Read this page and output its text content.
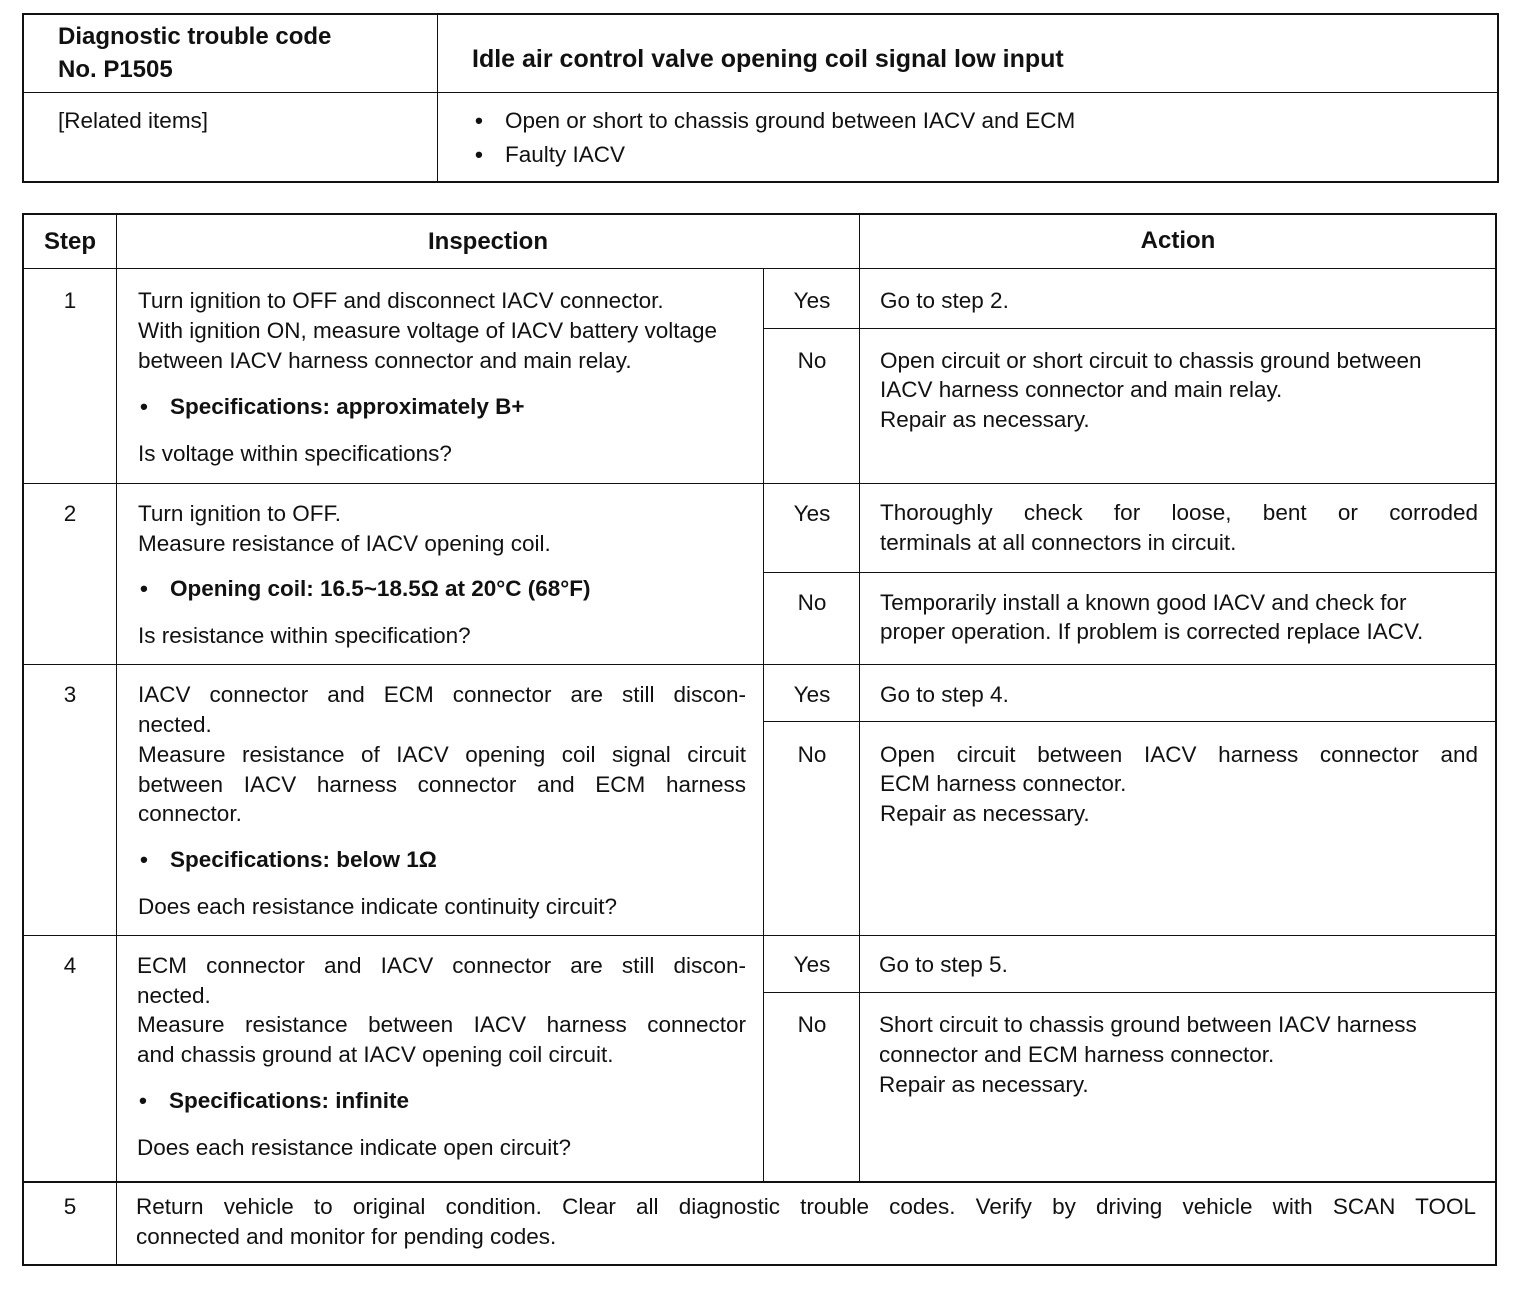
Diagnostic trouble code
No. P1505	Idle air control valve opening coil signal low input
[Related items]
•	Open or short to chassis ground between IACV and ECM
• Faulty IACV
Step	Inspection	Action
1	Turn ignition to OFF and disconnect IACV connector.
With ignition ON, measure voltage of IACV battery voltage
between IACV harness connector and main relay.
• Specifications: approximately B+
Is voltage within specifications?
Yes	Go to step 2.
No	Open circuit or short circuit to chassis ground between
IACV harness connector and main relay.
Repair as necessary.
2	Turn ignition to OFF.
Measure resistance of IACV opening coil.
• Opening coil: 16.5~18.5Ω at 20°C (68°F)
Is resistance within specification?
Yes	Thoroughly check for loose, bent or corroded
terminals at all connectors in circuit.
No	Temporarily install a known good IACV and check for
proper operation. If problem is corrected replace IACV.
3	IACV connector and ECM connector are still discon-
nected.
Measure resistance of IACV opening coil signal circuit
between IACV harness connector and ECM harness
connector.
• Specifications: below 1Ω
Does each resistance indicate continuity circuit?
Yes	Go to step 4.
No	Open circuit between IACV harness connector and
ECM harness connector.
Repair as necessary.
4	ECM connector and IACV connector are still discon-
nected.
Measure resistance between IACV harness connector
and chassis ground at IACV opening coil circuit.
• Specifications: infinite
Does each resistance indicate open circuit?
Yes	Go to step 5.
No	Short circuit to chassis ground between IACV harness
connector and ECM harness connector.
Repair as necessary.
5	Return vehicle to original condition. Clear all diagnostic trouble codes. Verify by driving vehicle with SCAN TOOL
connected and monitor for pending codes.
